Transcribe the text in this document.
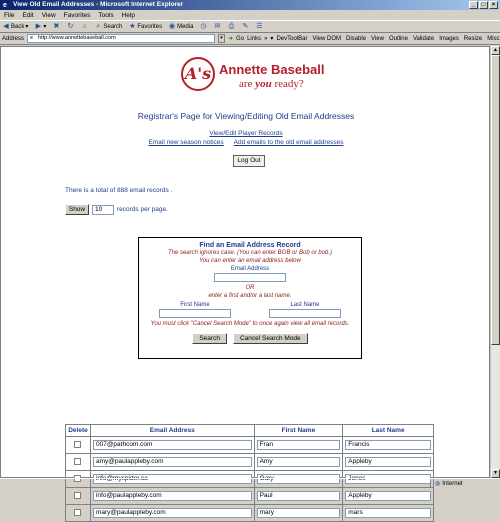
e View Old Email Addresses - Microsoft Internet Explorer	_	□	×
File Edit View Favorites Tools Help
◀ Back ▾ ▶ ▾ ✖ ↻ ⌂ ⌕ Search ★ Favorites ◉ Media ◷ ✉ ⎙ ✎ ☰
Address	e http://www.annettebaseball.com	▾ ➜ Go Links » ▾ DevToolBar View DOM Disable View Outline Validate Images Resize Misc
A's Annette Baseball
are you ready?
Registrar's Page for Viewing/Editing Old Email Addresses
View/Edit Player Records
Email new season notices Add emails to the old email addresses
Log Out
There is a total of 888 email records .
Show	10	records per page.
Find an Email Address Record
The search ignores case. (You can enter BOB or Bob or bob.)
You can enter an email address below
Email Address
OR
enter a first and/or a last name.
First Name	Last Name
You must click "Cancel Search Mode" to once again view all email records.
Search	Cancel Search Mode
Delete	Email Address	First Name	Last Name

	007@pathcom.com	Fran	Francis

	amy@paulappleby.com	Amy	Appleby

	info@myspider.ca	Gary	Jones

	info@paulappleby.com	Paul	Appleby

	mary@paulappleby.com	mary	mars
▲
▼
◍ Internet
